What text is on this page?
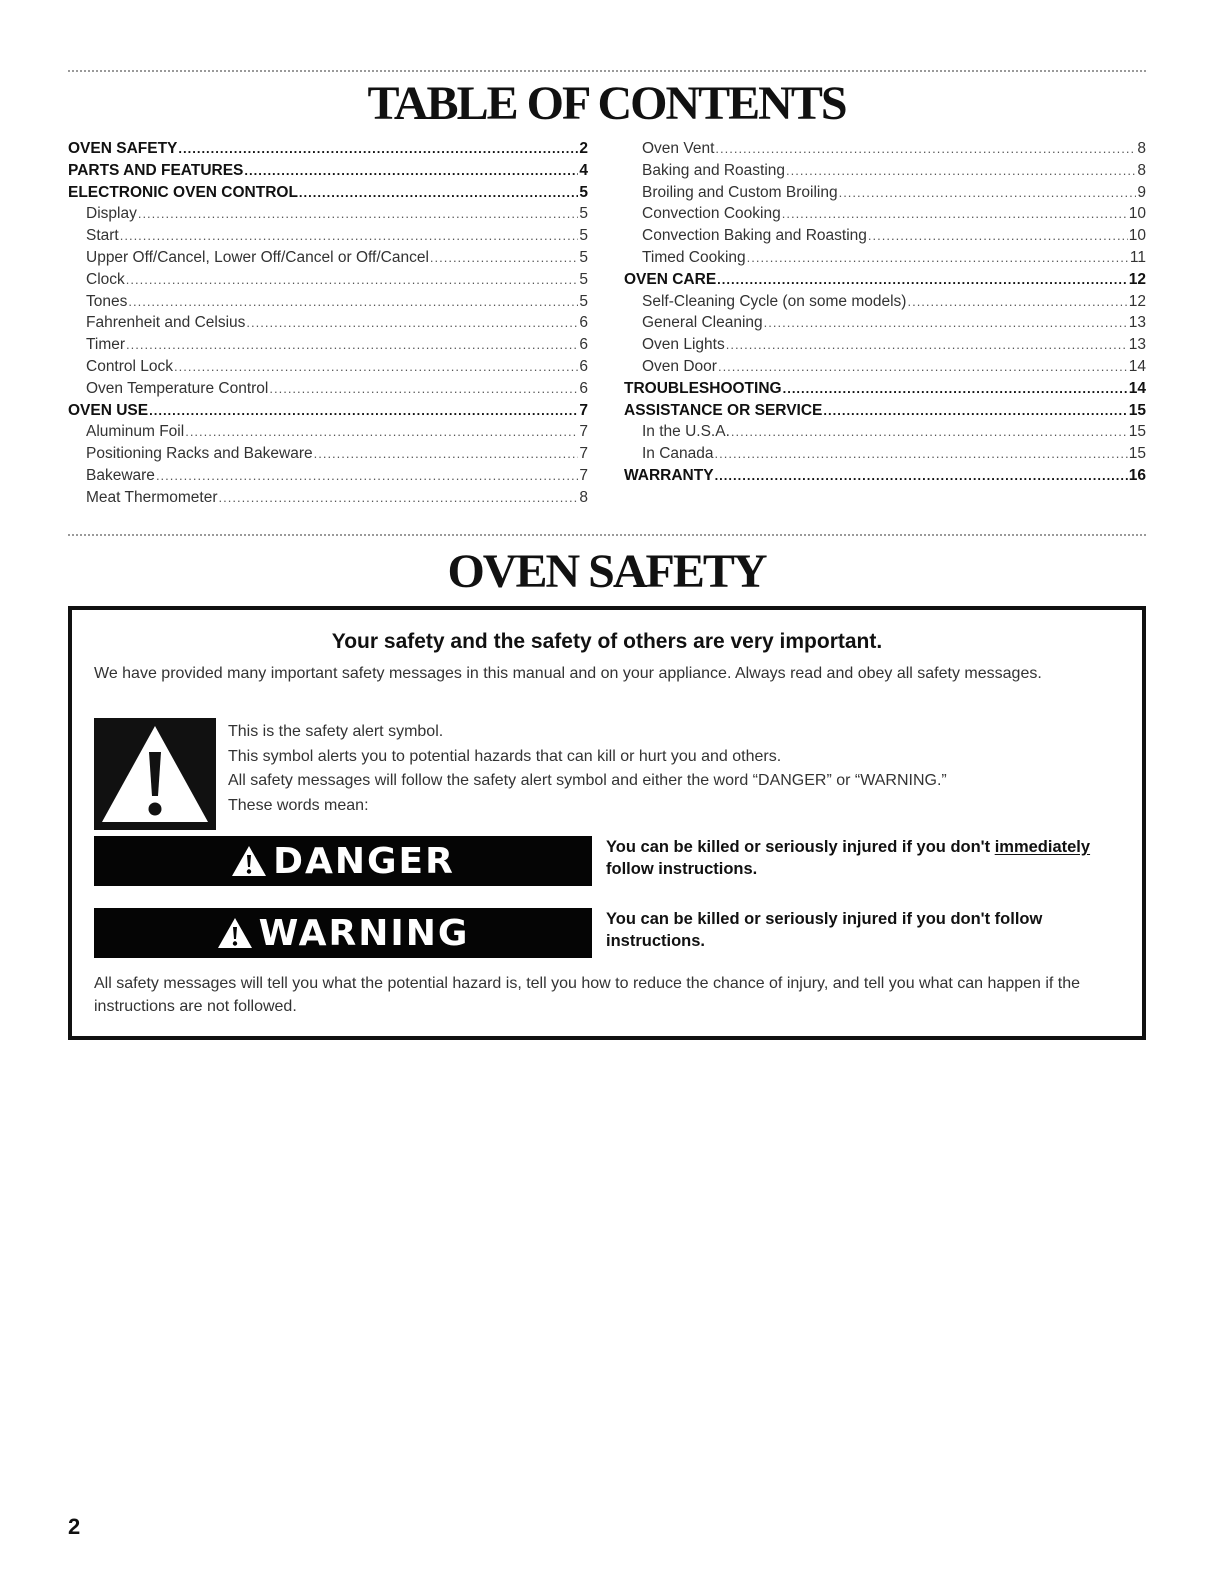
TABLE OF CONTENTS
OVEN SAFETY .....	2
PARTS AND FEATURES .....	4
ELECTRONIC OVEN CONTROL .....	5
Display .....	5
Start .....	5
Upper Off/Cancel, Lower Off/Cancel or Off/Cancel .....	5
Clock .....	5
Tones .....	5
Fahrenheit and Celsius .....	6
Timer .....	6
Control Lock .....	6
Oven Temperature Control .....	6
OVEN USE .....	7
Aluminum Foil .....	7
Positioning Racks and Bakeware .....	7
Bakeware .....	7
Meat Thermometer .....	8
Oven Vent .....	8
Baking and Roasting .....	8
Broiling and Custom Broiling .....	9
Convection Cooking .....	10
Convection Baking and Roasting .....	10
Timed Cooking .....	11
OVEN CARE .....	12
Self-Cleaning Cycle (on some models) .....	12
General Cleaning .....	13
Oven Lights .....	13
Oven Door .....	14
TROUBLESHOOTING .....	14
ASSISTANCE OR SERVICE .....	15
In the U.S.A. .....	15
In Canada .....	15
WARRANTY .....	16
OVEN SAFETY
Your safety and the safety of others are very important.

We have provided many important safety messages in this manual and on your appliance. Always read and obey all safety messages.

This is the safety alert symbol.
This symbol alerts you to potential hazards that can kill or hurt you and others.
All safety messages will follow the safety alert symbol and either the word “DANGER” or “WARNING.”
These words mean:
DANGER	You can be killed or seriously injured if you don't immediately follow instructions.

WARNING	You can be killed or seriously injured if you don't follow instructions.

All safety messages will tell you what the potential hazard is, tell you how to reduce the chance of injury, and tell you what can happen if the instructions are not followed.

2
